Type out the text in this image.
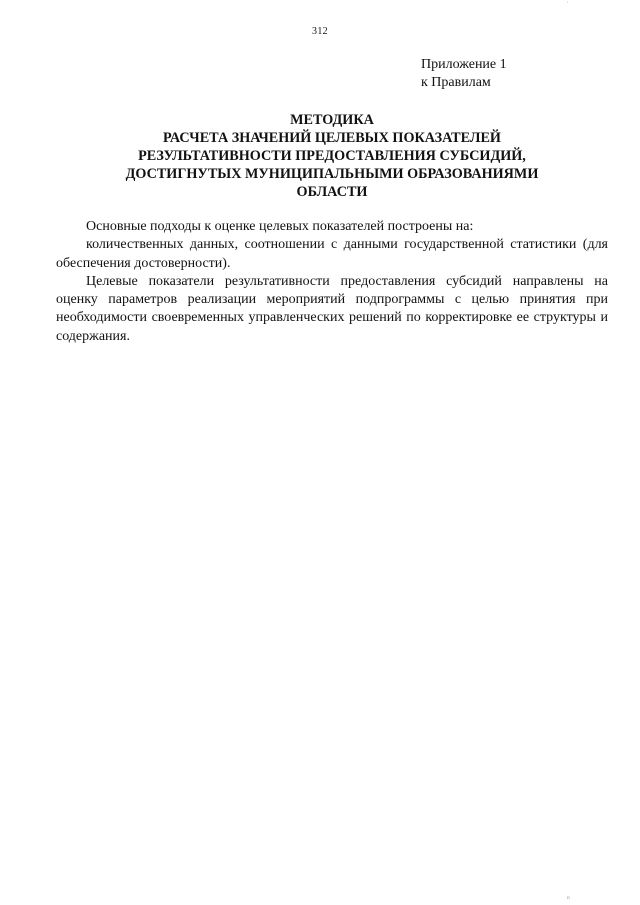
312
Приложение 1
к Правилам
МЕТОДИКА
РАСЧЕТА ЗНАЧЕНИЙ ЦЕЛЕВЫХ ПОКАЗАТЕЛЕЙ
РЕЗУЛЬТАТИВНОСТИ ПРЕДОСТАВЛЕНИЯ СУБСИДИЙ,
ДОСТИГНУТЫХ МУНИЦИПАЛЬНЫМИ ОБРАЗОВАНИЯМИ
ОБЛАСТИ

Основные подходы к оценке целевых показателей построены на:

количественных данных, соотношении с данными государственной статистики (для обеспечения достоверности).

Целевые показатели результативности предоставления субсидий направлены на оценку параметров реализации мероприятий подпрограммы с целью принятия при необходимости своевременных управленческих решений по корректировке ее структуры и содержания.

'
п
